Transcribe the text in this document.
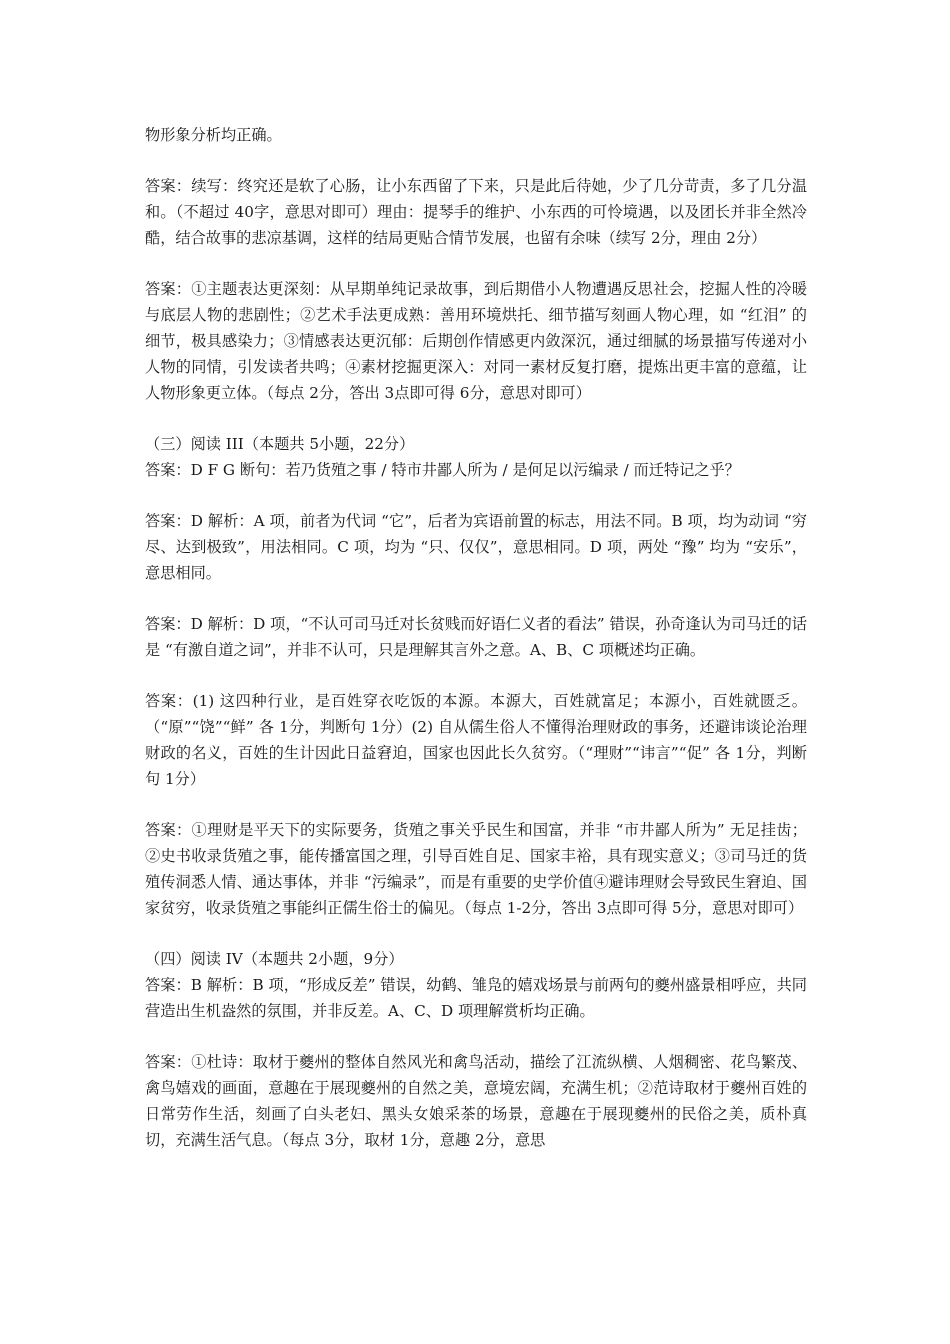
物形象分析均正确。

答案：续写：终究还是软了心肠，让小东西留了下来，只是此后待她，少了几分苛责，多了几分温和。（不超过 40字，意思对即可）理由：提琴手的维护、小东西的可怜境遇，以及团长并非全然冷酷，结合故事的悲凉基调，这样的结局更贴合情节发展，也留有余味（续写 2分，理由 2分）

答案：①主题表达更深刻：从早期单纯记录故事，到后期借小人物遭遇反思社会，挖掘人性的冷暖与底层人物的悲剧性；②艺术手法更成熟：善用环境烘托、细节描写刻画人物心理，如 “红泪” 的细节，极具感染力；③情感表达更沉郁：后期创作情感更内敛深沉，通过细腻的场景描写传递对小人物的同情，引发读者共鸣；④素材挖掘更深入：对同一素材反复打磨，提炼出更丰富的意蕴，让人物形象更立体。（每点 2分，答出 3点即可得 6分，意思对即可）

（三）阅读 III（本题共 5小题，22分）

答案：D F G 断句：若乃货殖之事 / 特市井鄙人所为 / 是何足以污编录 / 而迁特记之乎？

答案：D 解析：A 项，前者为代词 “它”，后者为宾语前置的标志，用法不同。B 项，均为动词 “穷尽、达到极致”，用法相同。C 项，均为 “只、仅仅”，意思相同。D 项，两处 “豫” 均为 “安乐”，意思相同。

答案：D 解析：D 项，“不认可司马迁对长贫贱而好语仁义者的看法” 错误，孙奇逢认为司马迁的话是 “有激自道之词”，并非不认可，只是理解其言外之意。A、B、C 项概述均正确。

答案：(1) 这四种行业，是百姓穿衣吃饭的本源。本源大，百姓就富足；本源小，百姓就匮乏。（“原”“饶”“鲜” 各 1分，判断句 1分）(2) 自从儒生俗人不懂得治理财政的事务，还避讳谈论治理财政的名义，百姓的生计因此日益窘迫，国家也因此长久贫穷。（“理财”“讳言”“促” 各 1分，判断句 1分）

答案：①理财是平天下的实际要务，货殖之事关乎民生和国富，并非 “市井鄙人所为” 无足挂齿；②史书收录货殖之事，能传播富国之理，引导百姓自足、国家丰裕，具有现实意义；③司马迁的货殖传洞悉人情、通达事体，并非 “污编录”，而是有重要的史学价值④避讳理财会导致民生窘迫、国家贫穷，收录货殖之事能纠正儒生俗士的偏见。（每点 1-2分，答出 3点即可得 5分，意思对即可）

（四）阅读 IV（本题共 2小题，9分）

答案：B 解析：B 项，“形成反差” 错误，幼鹤、雏凫的嬉戏场景与前两句的夔州盛景相呼应，共同营造出生机盎然的氛围，并非反差。A、C、D 项理解赏析均正确。

答案：①杜诗：取材于夔州的整体自然风光和禽鸟活动，描绘了江流纵横、人烟稠密、花鸟繁茂、禽鸟嬉戏的画面，意趣在于展现夔州的自然之美，意境宏阔，充满生机；②范诗取材于夔州百姓的日常劳作生活，刻画了白头老妇、黑头女娘采茶的场景，意趣在于展现夔州的民俗之美，质朴真切，充满生活气息。（每点 3分，取材 1分，意趣 2分，意思
